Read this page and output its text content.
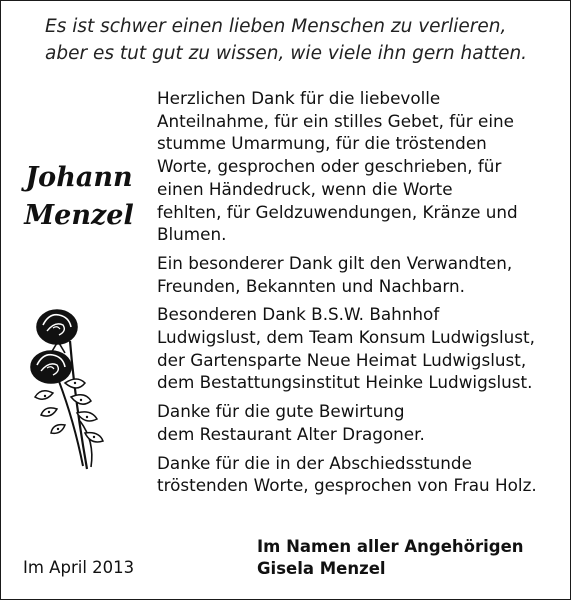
Es ist schwer einen lieben Menschen zu verlieren,
aber es tut gut zu wissen, wie viele ihn gern hatten.
Johann
Menzel

Herzlichen Dank für die liebevolle
Anteilnahme, für ein stilles Gebet, für eine
stumme Umarmung, für die tröstenden
Worte, gesprochen oder geschrieben, für
einen Händedruck, wenn die Worte
fehlten, für Geldzuwendungen, Kränze und
Blumen.

Ein besonderer Dank gilt den Verwandten,
Freunden, Bekannten und Nachbarn.

Besonderen Dank B.S.W. Bahnhof
Ludwigslust, dem Team Konsum Ludwigslust,
der Gartensparte Neue Heimat Ludwigslust,
dem Bestattungsinstitut Heinke Ludwigslust.

Danke für die gute Bewirtung
dem Restaurant Alter Dragoner.

Danke für die in der Abschiedsstunde
tröstenden Worte, gesprochen von Frau Holz.

Im April 2013
Im Namen aller Angehörigen
Gisela Menzel
